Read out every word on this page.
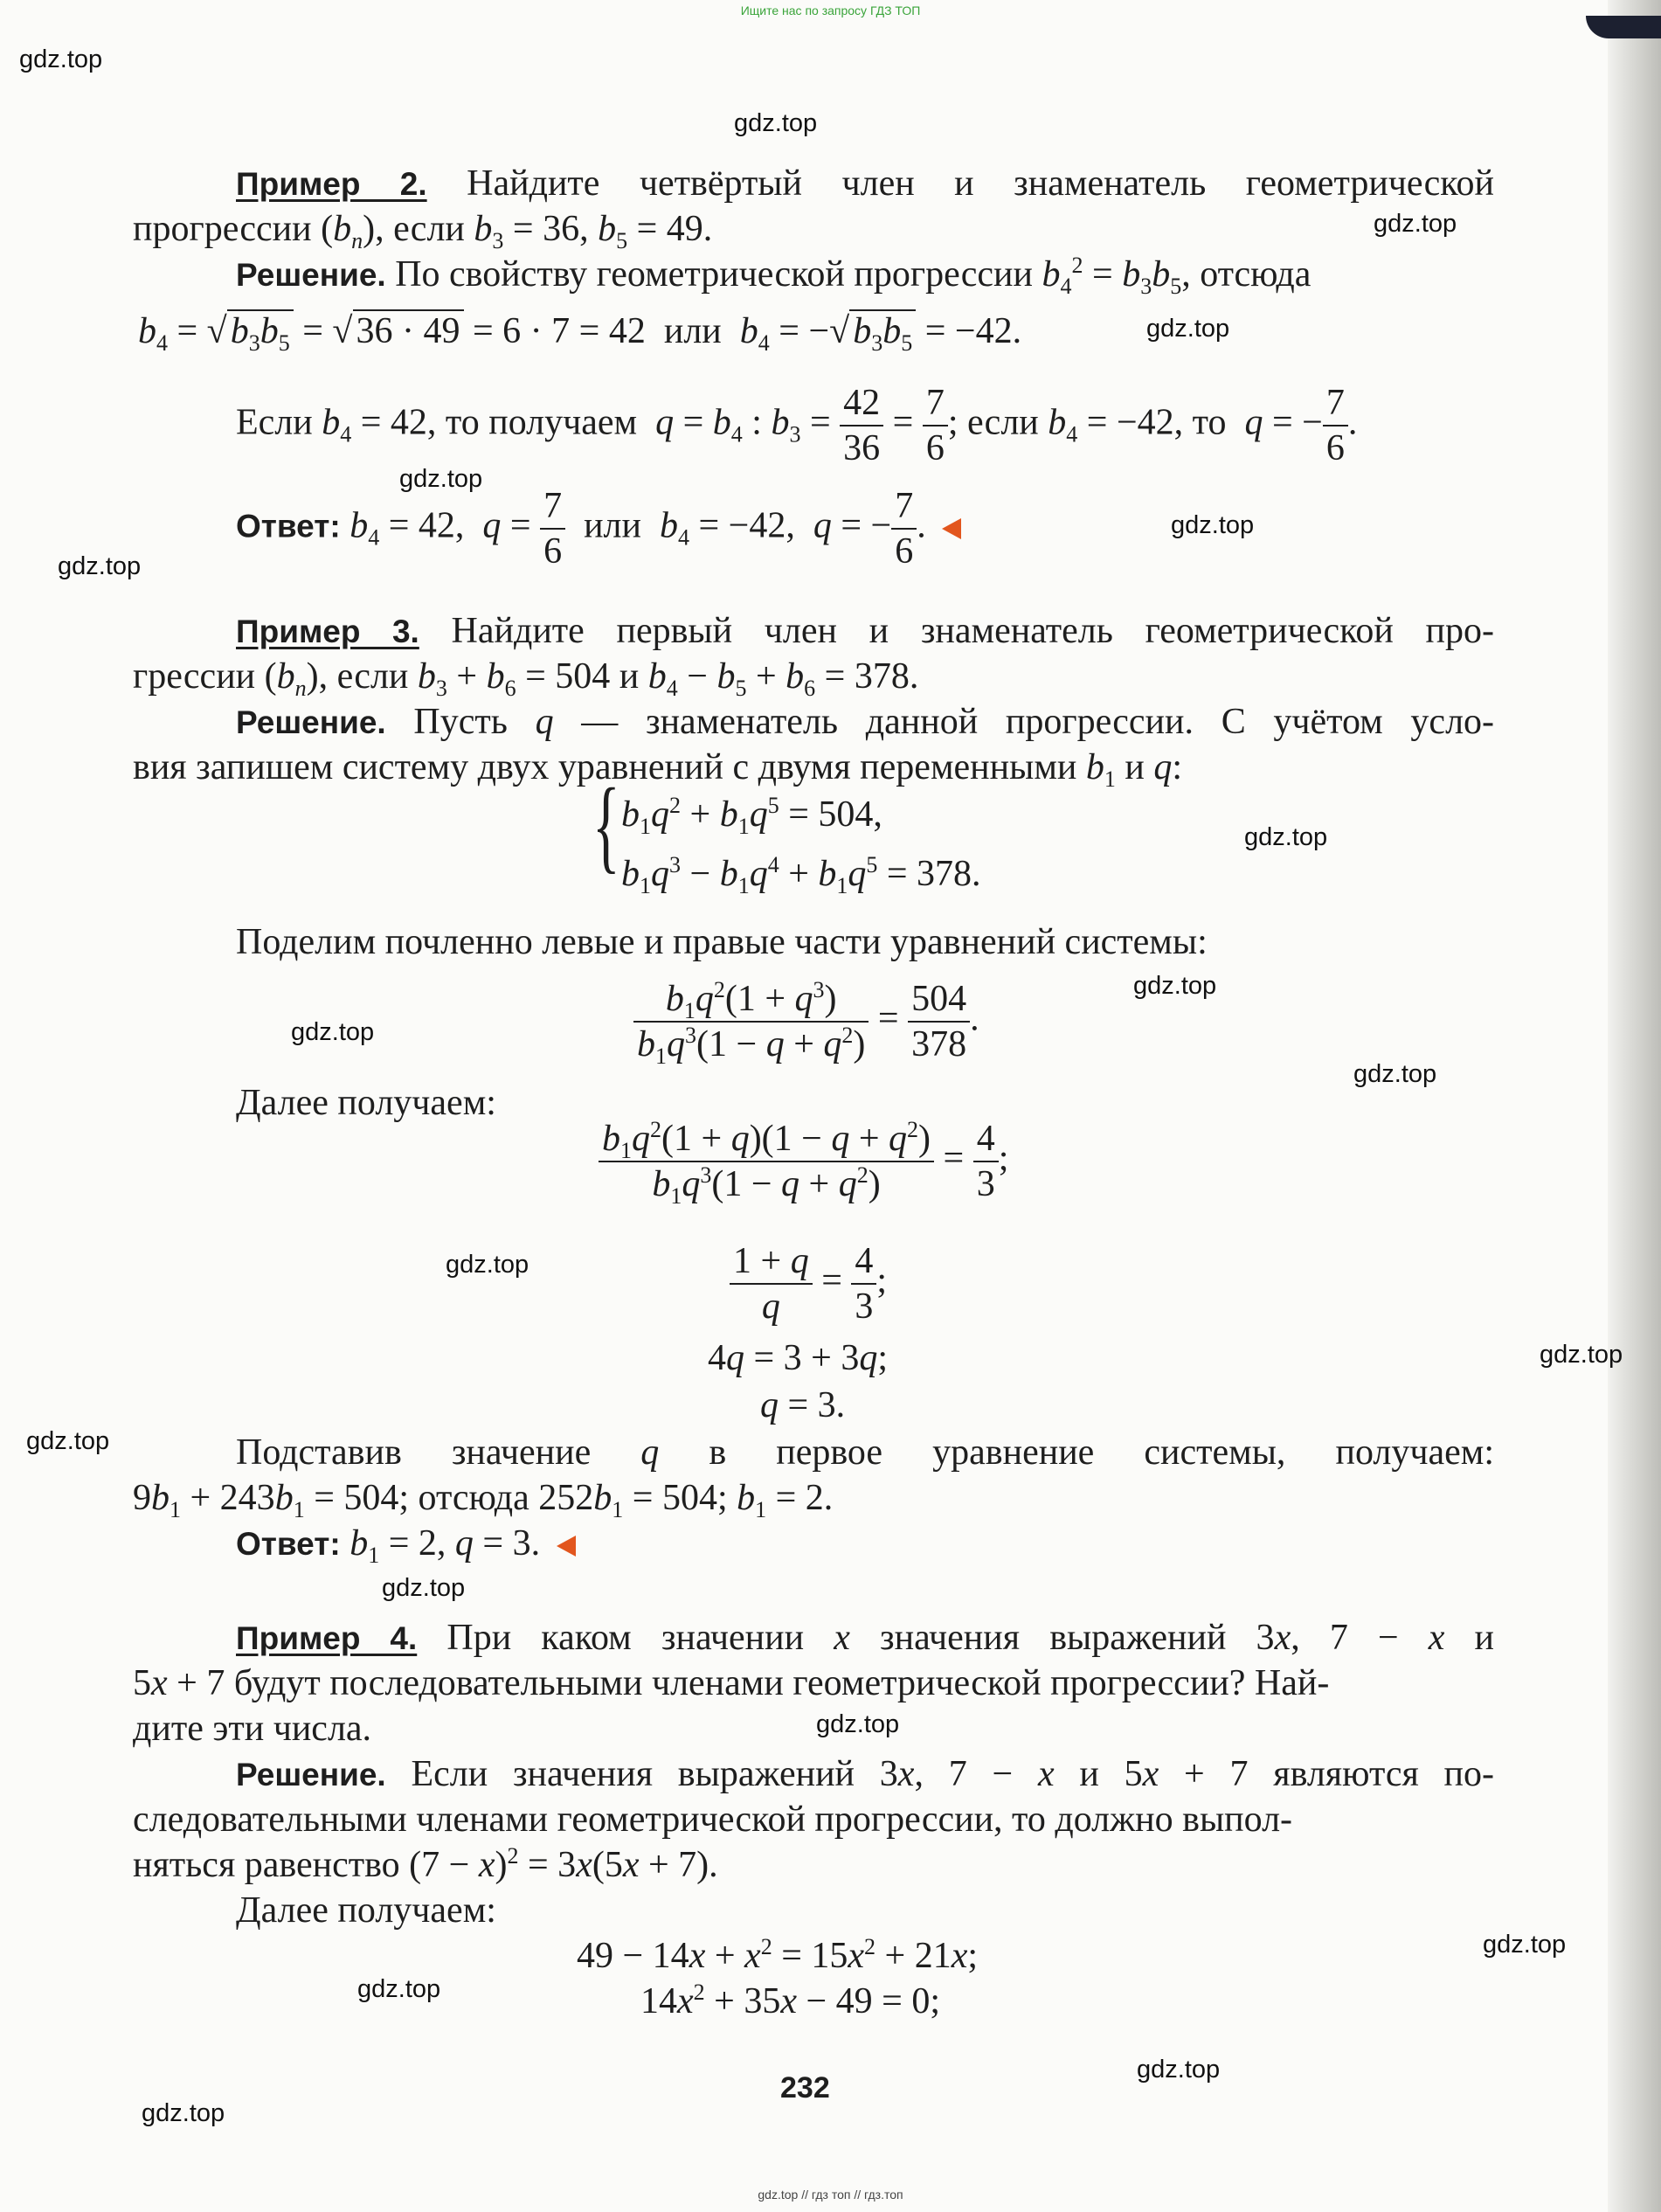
Ищите нас по запросу ГДЗ ТОП
gdz.top
gdz.top
gdz.top
gdz.top
gdz.top
gdz.top
gdz.top
gdz.top
gdz.top
gdz.top
gdz.top
gdz.top
gdz.top
gdz.top
gdz.top
gdz.top
gdz.top
gdz.top
gdz.top
gdz.top
Пример 2. Найдите четвёртый член и знаменатель геометрической
прогрессии $(b_n)$, если $b_3 = 36$, $b_5 = 49$.
Решение. По свойству геометрической прогрессии $b_4^2 = b_3b_5$, отсюда
$b_4 = √b_3b_5 = √36 \cdot 49 = 6 \cdot 7 = 42$  или $b_4 = -√b_3b_5 = -42$.
Если $b_4 = 42$, то получаем $q = b_4$ : $b_3 = \frac{42}{36} = \frac{7}{6}$ ; если $b_4 = -42$, то q = − $\frac{7}{6}$ .
Ответ: $b_4 = 42$,  $q = \frac{7}{6}$ или $b_4 = -42$,  q = − $\frac{7}{6}$ .
Пример 3. Найдите первый член и знаменатель геометрической про-
грессии $(b_n)$, если $b_3 + b_6 = 504$ и $b_4 - b_5 + b_6 = 378$.
Решение. Пусть q — знаменатель данной прогрессии. С учётом усло-
вия запишем систему двух уравнений с двумя переменными $b_1$ и q:
{ $b_1q^2 + b_1q^5 = 504$,
$b_1q^3 - b_1q^4 + b_1q^5 = 378$.
Поделим почленно левые и правые части уравнений системы:
$\frac{b_1q^2(1 + q^3)}{b_1q^3(1 - q + q^2)} = \frac{504}{378}$ .
Далее получаем:
$\frac{b_1q^2(1 + q)(1 - q + q^2)}{b_1q^3(1 - q + q^2)} = \frac{4}{3}$ ;
$\frac{1 + q}{q} = \frac{4}{3}$ ;
4q = 3 + 3q;
q = 3.
Подставив значение q в первое уравнение системы, получаем:
$9b_1 + 243b_1 = 504$; отсюда $252b_1 = 504$; $b_1 = 2$.
Ответ: $b_1 = 2$, q = 3.
Пример 4. При каком значении x значения выражений 3x, 7 − x и
5x + 7 будут последовательными членами геометрической прогрессии? Най-
дите эти числа.
Решение. Если значения выражений 3x, 7 − x и 5x + 7 являются по-
следовательными членами геометрической прогрессии, то должно выпол-
няться равенство $(7 - x)^2 = 3x(5x + 7)$.
Далее получаем:
$49 - 14x + x^2 = 15x^2 + 21x$;
$14x^2 + 35x - 49 = 0$;
232
gdz.top // гдз топ // гдз.топ
